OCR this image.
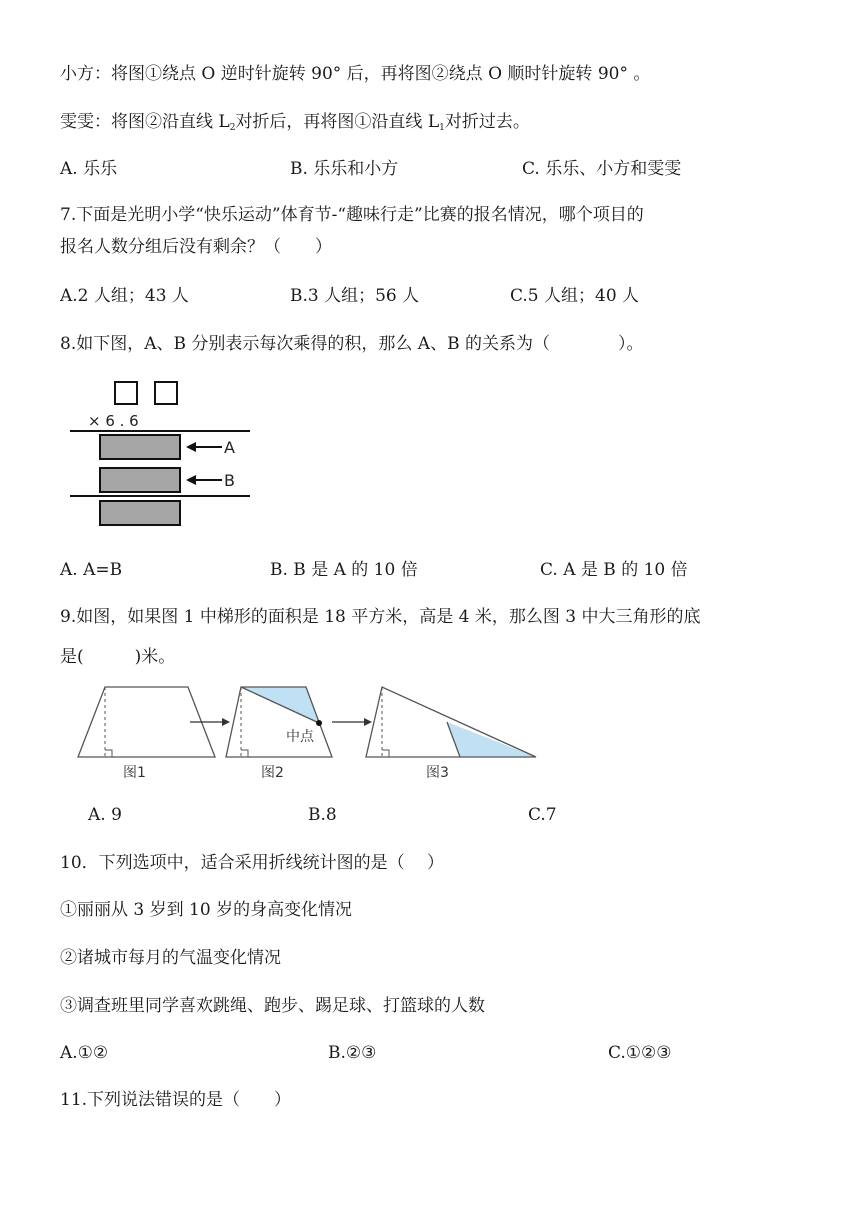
小方：将图①绕点 O 逆时针旋转 90° 后，再将图②绕点 O 顺时针旋转 90° 。
雯雯：将图②沿直线 $L_2$对折后，再将图①沿直线 $L_1$对折过去。
A. 乐乐	B. 乐乐和小方	C. 乐乐、小方和雯雯
7.下面是光明小学“快乐运动”体育节-“趣味行走”比赛的报名情况，哪个项目的
报名人数分组后没有剩余？（　　）
A.2 人组；43 人	B.3 人组；56 人	C.5 人组；40 人
8.如下图，A、B 分别表示每次乘得的积，那么 A、B 的关系为（　　　　）。
× 6 . 6
A
B
A. A=B	B. B 是 A 的 10 倍	C. A 是 B 的 10 倍
9.如图，如果图 1 中梯形的面积是 18 平方米，高是 4 米，那么图 3 中大三角形的底
是(　　　)米。
图1
中点
图2	图3
A. 9	B.8	C.7
10．下列选项中，适合采用折线统计图的是（　 ）
①丽丽从 3 岁到 10 岁的身高变化情况
②诸城市每月的气温变化情况
③调查班里同学喜欢跳绳、跑步、踢足球、打篮球的人数
A.①②	B.②③	C.①②③
11.下列说法错误的是（　　）
